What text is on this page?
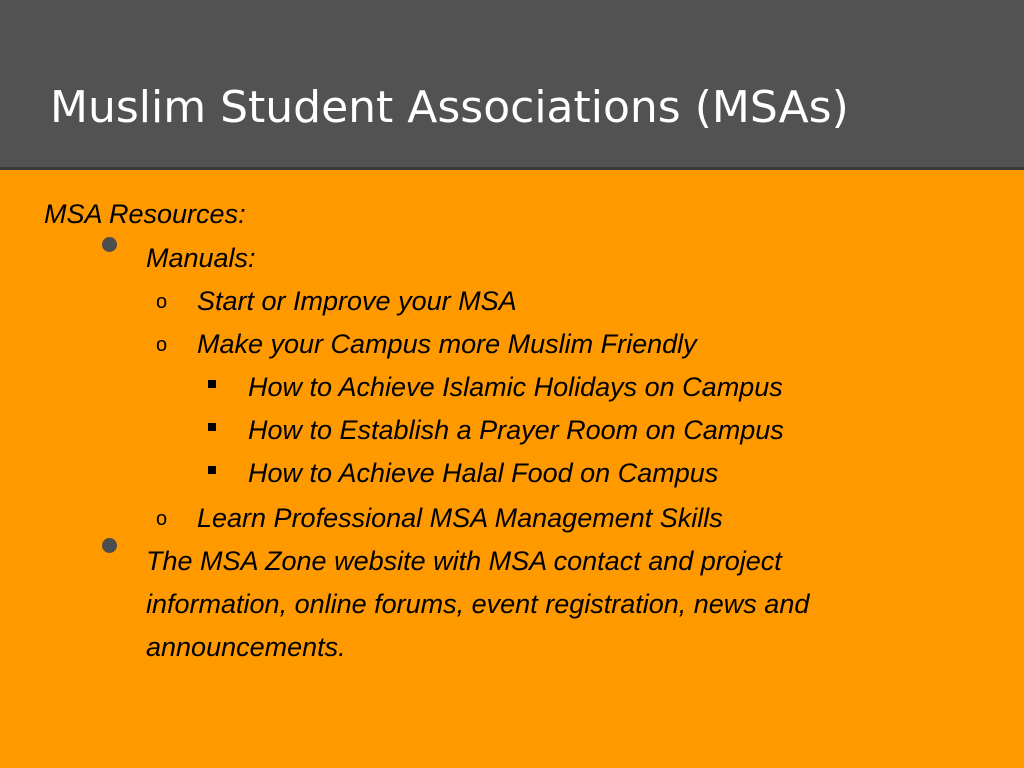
Muslim Student Associations (MSAs)
MSA Resources:
Manuals:
o Start or Improve your MSA
o Make your Campus more Muslim Friendly
How to Achieve Islamic Holidays on Campus
How to Establish a Prayer Room on Campus
How to Achieve Halal Food on Campus
o Learn Professional MSA Management Skills
The MSA Zone website with MSA contact and project
information, online forums, event registration, news and
announcements.
